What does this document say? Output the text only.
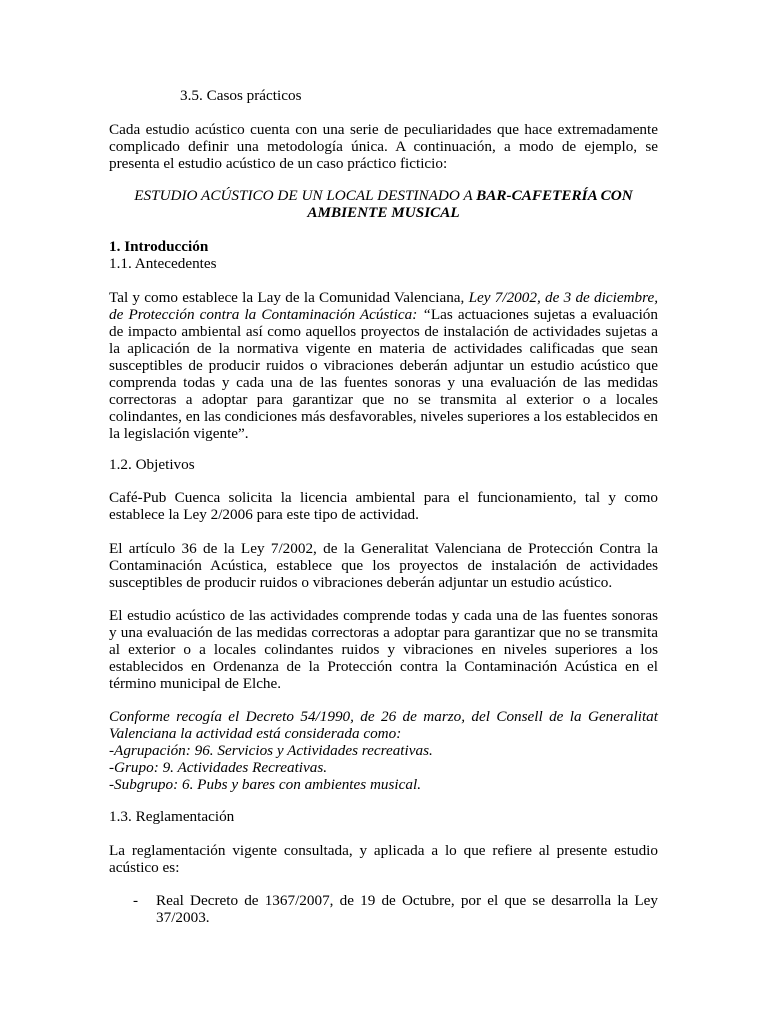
3.5. Casos prácticos

Cada estudio acústico cuenta con una serie de peculiaridades que hace extremadamente complicado definir una metodología única. A continuación, a modo de ejemplo, se presenta el estudio acústico de un caso práctico ficticio:

ESTUDIO ACÚSTICO DE UN LOCAL DESTINADO A BAR-CAFETERÍA CON
AMBIENTE MUSICAL

1. Introducción

1.1. Antecedentes

Tal y como establece la Lay de la Comunidad Valenciana, Ley 7/2002, de 3 de diciembre, de Protección contra la Contaminación Acústica: “Las actuaciones sujetas a evaluación de impacto ambiental así como aquellos proyectos de instalación de actividades sujetas a la aplicación de la normativa vigente en materia de actividades calificadas que sean susceptibles de producir ruidos o vibraciones deberán adjuntar un estudio acústico que comprenda todas y cada una de las fuentes sonoras y una evaluación de las medidas correctoras a adoptar para garantizar que no se transmita al exterior o a locales colindantes, en las condiciones más desfavorables, niveles superiores a los establecidos en la legislación vigente”.

1.2. Objetivos

Café-Pub Cuenca solicita la licencia ambiental para el funcionamiento, tal y como establece la Ley 2/2006 para este tipo de actividad.

El artículo 36 de la Ley 7/2002, de la Generalitat Valenciana de Protección Contra la Contaminación Acústica, establece que los proyectos de instalación de actividades susceptibles de producir ruidos o vibraciones deberán adjuntar un estudio acústico.

El estudio acústico de las actividades comprende todas y cada una de las fuentes sonoras y una evaluación de las medidas correctoras a adoptar para garantizar que no se transmita al exterior o a locales colindantes ruidos y vibraciones en niveles superiores a los establecidos en Ordenanza de la Protección contra la Contaminación Acústica en el término municipal de Elche.

Conforme recogía el Decreto 54/1990, de 26 de marzo, del Consell de la Generalitat Valenciana la actividad está considerada como:
-Agrupación: 96. Servicios y Actividades recreativas.
-Grupo: 9. Actividades Recreativas.
-Subgrupo: 6. Pubs y bares con ambientes musical.

1.3. Reglamentación

La reglamentación vigente consultada, y aplicada a lo que refiere al presente estudio acústico es:

- Real Decreto de 1367/2007, de 19 de Octubre, por el que se desarrolla la Ley 37/2003.
